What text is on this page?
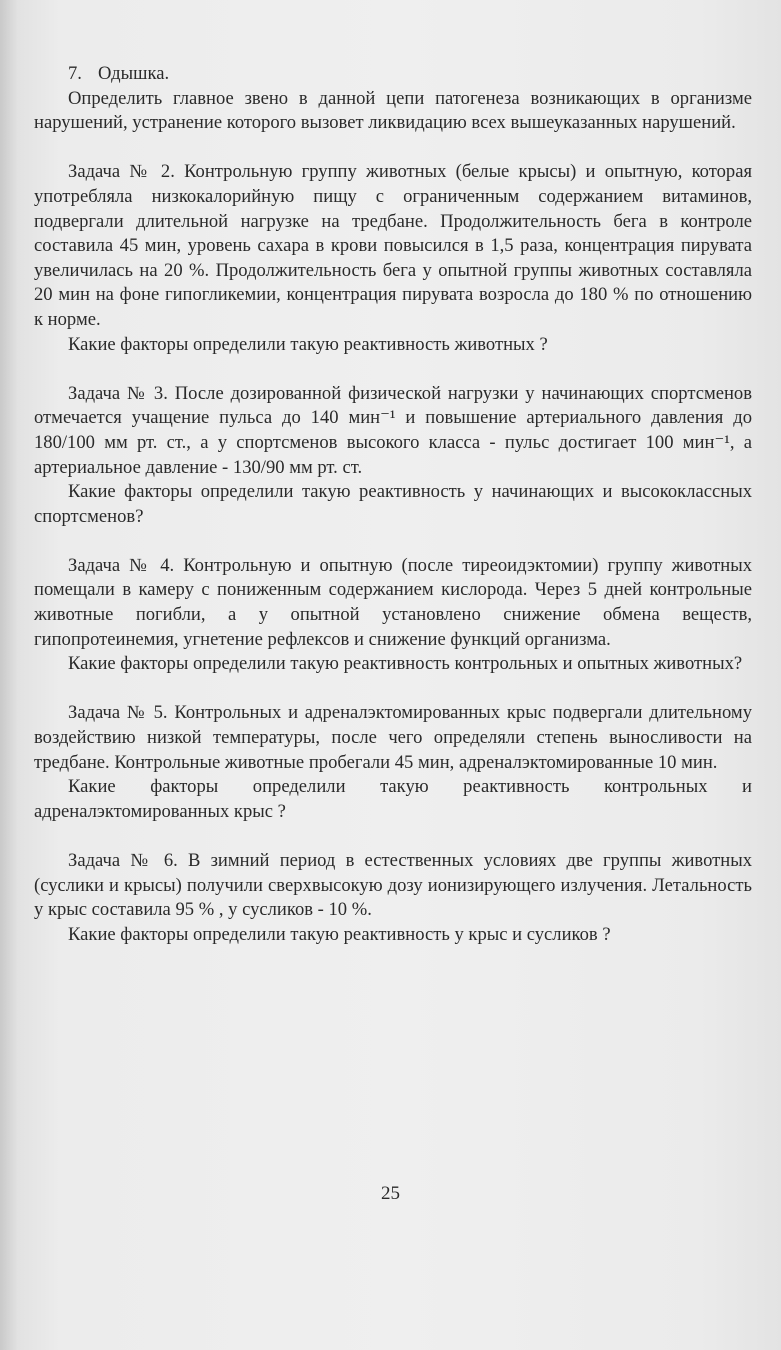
7. Одышка.

Определить главное звено в данной цепи патогенеза возникающих в организме нарушений, устранение которого вызовет ликвидацию всех вышеуказанных нарушений.

Задача № 2. Контрольную группу животных (белые крысы) и опытную, которая употребляла низкокалорийную пищу с ограниченным содержанием витаминов, подвергали длительной нагрузке на тредбане. Продолжительность бега в контроле составила 45 мин, уровень сахара в крови повысился в 1,5 раза, концентрация пирувата увеличилась на 20 %. Продолжительность бега у опытной группы животных составляла 20 мин на фоне гипогликемии, концентрация пирувата возросла до 180 % по отношению к норме.

Какие факторы определили такую реактивность животных ?

Задача № 3. После дозированной физической нагрузки у начинающих спортсменов отмечается учащение пульса до 140 мин⁻¹ и повышение артериального давления до 180/100 мм рт. ст., а у спортсменов высокого класса - пульс достигает 100 мин⁻¹, а артериальное давление - 130/90 мм рт. ст.

Какие факторы определили такую реактивность у начинающих и высококлассных спортсменов?

Задача № 4. Контрольную и опытную (после тиреоидэктомии) группу животных помещали в камеру с пониженным содержанием кислорода. Через 5 дней контрольные животные погибли, а у опытной установлено снижение обмена веществ, гипопротеинемия, угнетение рефлексов и снижение функций организма.

Какие факторы определили такую реактивность контрольных и опытных животных?

Задача № 5. Контрольных и адреналэктомированных крыс подвергали длительному воздействию низкой температуры, после чего определяли степень выносливости на тредбане. Контрольные животные пробегали 45 мин, адреналэктомированные 10 мин.

Какие факторы определили такую реактивность контрольных и адреналэктомированных крыс ?

Задача № 6. В зимний период в естественных условиях две группы животных (суслики и крысы) получили сверхвысокую дозу ионизирующего излучения. Летальность у крыс составила 95 % , у сусликов - 10 %.

Какие факторы определили такую реактивность у крыс и сусликов ?

25
